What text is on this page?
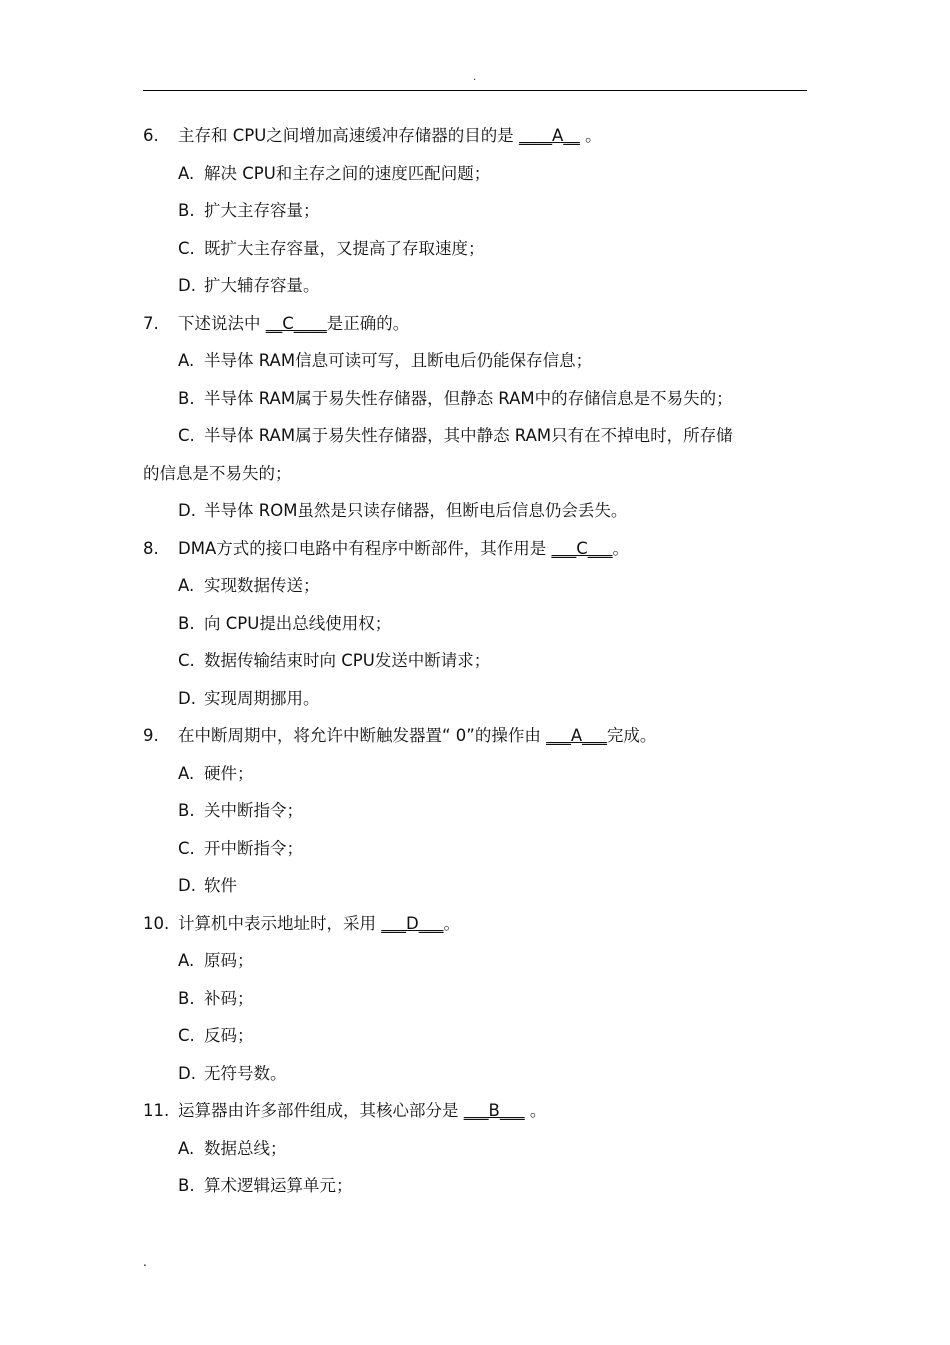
.
6. 主存和 CPU之间增加高速缓冲存储器的目的是 ____A__ 。
A. 解决 CPU和主存之间的速度匹配问题；
B. 扩大主存容量；
C. 既扩大主存容量，又提高了存取速度；
D. 扩大辅存容量。
7. 下述说法中 __C____是正确的。
A. 半导体 RAM信息可读可写，且断电后仍能保存信息；
B. 半导体 RAM属于易失性存储器，但静态 RAM中的存储信息是不易失的；
C. 半导体 RAM属于易失性存储器，其中静态 RAM只有在不掉电时，所存储
的信息是不易失的；
D. 半导体 ROM虽然是只读存储器，但断电后信息仍会丢失。
8. DMA方式的接口电路中有程序中断部件，其作用是 ___C___。
A. 实现数据传送；
B. 向 CPU提出总线使用权；
C. 数据传输结束时向 CPU发送中断请求；
D. 实现周期挪用。
9. 在中断周期中，将允许中断触发器置“ 0”的操作由 ___A___完成。
A. 硬件；
B. 关中断指令；
C. 开中断指令；
D. 软件
10. 计算机中表示地址时，采用 ___D___。
A. 原码；
B. 补码；
C. 反码；
D. 无符号数。
11. 运算器由许多部件组成，其核心部分是 ___B___ 。
A. 数据总线；
B. 算术逻辑运算单元；
.
